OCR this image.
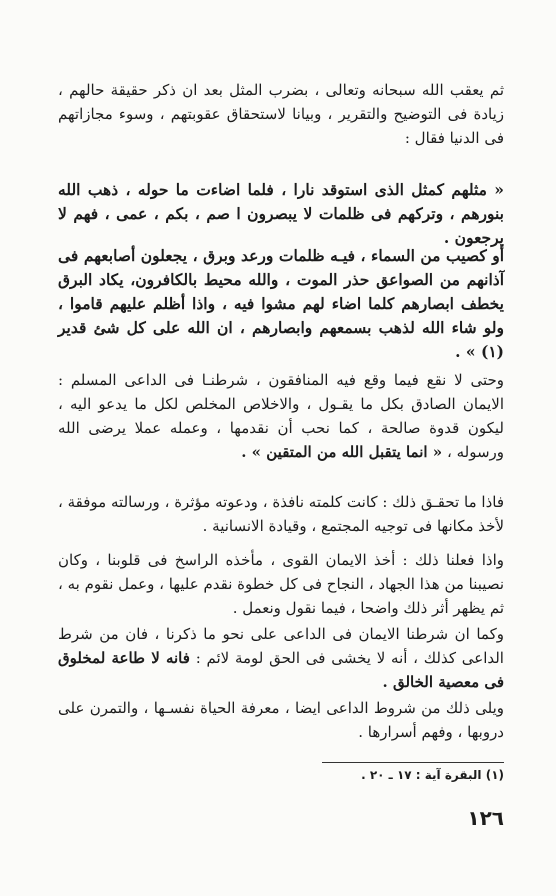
ثم يعقب الله سبحانه وتعالى ، بضرب المثل بعد ان ذكر حقيقة حالهم ، زيادة فى التوضيح والتقرير ، وبيانا لاستحقاق عقوبتهم ، وسوء مجازاتهم فى الدنيا فقال :

« مثلهم كمثل الذى استوقد نارا ، فلما اضاءت ما حوله ، ذهب الله بنورهم ، وتركهم فى ظلمات لا يبصرون ا صم ، بكم ، عمى ، فهم لا يرجعون .

أو كصيب من السماء ، فيـه ظلمات ورعد وبرق ، يجعلون أصابعهم فى آذانهم من الصواعق حذر الموت ، والله محيط بالكافرون، يكاد البرق يخطف ابصارهم كلما اضاء لهم مشوا فيه ، واذا أظلم عليهم قاموا ، ولو شاء الله لذهب بسمعهم وابصارهم ، ان الله على كل شئ قدير (١) » .

وحتى لا نقع فيما وقع فيه المنافقون ، شرطنـا فى الداعى المسلم : الايمان الصادق بكل ما يقـول ، والاخلاص المخلص لكل ما يدعو اليه ، ليكون قدوة صالحة ، كما نحب أن نقدمها ، وعمله عملا يرضى الله ورسوله ، « انما يتقبل الله من المتقين » .

فاذا ما تحقـق ذلك : كانت كلمته نافذة ، ودعوته مؤثرة ، ورسالته موفقة ، لأخذ مكانها فى توجيه المجتمع ، وقيادة الانسانية .

واذا فعلنا ذلك : أخذ الايمان القوى ، مأخذه الراسخ فى قلوبنا ، وكان نصيبنا من هذا الجهاد ، النجاح فى كل خطوة نقدم عليها ، وعمل نقوم به ، ثم يظهر أثر ذلك واضحا ، فيما نقول ونعمل .

وكما ان شرطنا الايمان فى الداعى على نحو ما ذكرنا ، فان من شرط الداعى كذلك ، أنه لا يخشى فى الحق لومة لائم : فانه لا طاعة لمخلوق فى معصية الخالق .

ويلى ذلك من شروط الداعى ايضا ، معرفة الحياة نفسـها ، والتمرن على دروبها ، وفهم أسرارها .

(١) البقرة آية : ١٧ ـ ٢٠ .
١٢٦
